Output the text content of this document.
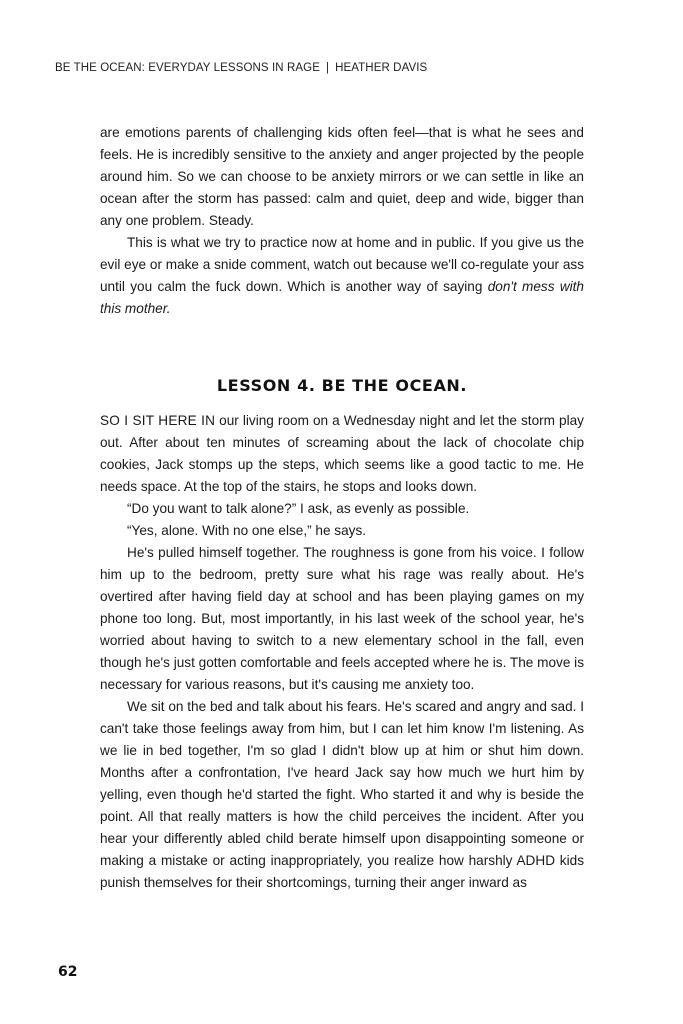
BE THE OCEAN: EVERYDAY LESSONS IN RAGE | HEATHER DAVIS

are emotions parents of challenging kids often feel—that is what he sees and feels. He is incredibly sensitive to the anxiety and anger projected by the people around him. So we can choose to be anxiety mirrors or we can settle in like an ocean after the storm has passed: calm and quiet, deep and wide, bigger than any one problem. Steady.

This is what we try to practice now at home and in public. If you give us the evil eye or make a snide comment, watch out because we'll co-regulate your ass until you calm the fuck down. Which is another way of saying don't mess with this mother.

LESSON 4. BE THE OCEAN.

SO I SIT HERE IN our living room on a Wednesday night and let the storm play out. After about ten minutes of screaming about the lack of chocolate chip cookies, Jack stomps up the steps, which seems like a good tactic to me. He needs space. At the top of the stairs, he stops and looks down.

“Do you want to talk alone?” I ask, as evenly as possible.

“Yes, alone. With no one else,” he says.

He's pulled himself together. The roughness is gone from his voice. I follow him up to the bedroom, pretty sure what his rage was really about. He's overtired after having field day at school and has been playing games on my phone too long. But, most importantly, in his last week of the school year, he's worried about having to switch to a new elementary school in the fall, even though he's just gotten comfortable and feels accepted where he is. The move is necessary for various reasons, but it's causing me anxiety too.

We sit on the bed and talk about his fears. He's scared and angry and sad. I can't take those feelings away from him, but I can let him know I'm listening. As we lie in bed together, I'm so glad I didn't blow up at him or shut him down. Months after a confrontation, I've heard Jack say how much we hurt him by yelling, even though he'd started the fight. Who started it and why is beside the point. All that really matters is how the child perceives the incident. After you hear your differently abled child berate himself upon disappointing someone or making a mistake or acting inappropriately, you realize how harshly ADHD kids punish themselves for their shortcomings, turning their anger inward as

62
